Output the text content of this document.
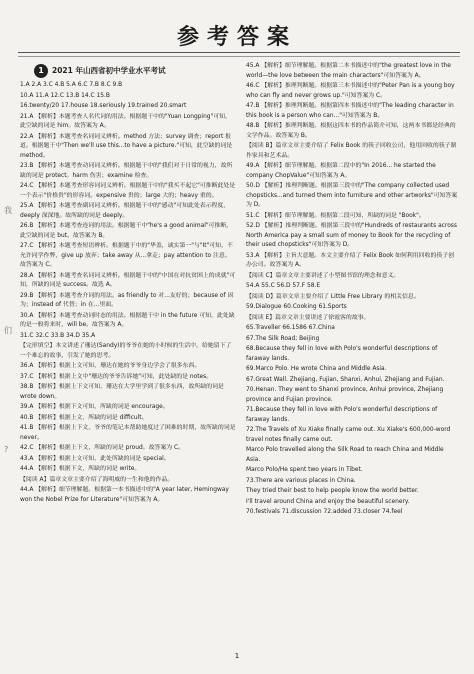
参考答案
我
们
?
1	2021 年山西省初中学业水平考试

1.A 2.A 3.C 4.B 5.A 6.C 7.B 8.C 9.B

10.A 11.A 12.C 13.B 14.C 15.B

16.twenty/20 17.house 18.seriously 19.trained 20.smart

21.A 【解析】本题考查人名代词的用法。根据题干中的"Yuan Longping"可知，此空缺的词是 him。故答案为 A。

22.A 【解析】本题考查名词词义辨析。method 方法；survey 调查；report 报道。根据题干中"Then we'll use this...to have a picture."可知，此空缺的词是 method。

23.B 【解析】本题考查动词词义辨析。根据题干中的"我们对于日常的视力，故所缺的词是 protect。harm 伤害；examine 检查。

24.C 【解析】本题考查形容词词义辨析。根据题干中的"我买不起它"可推断此处是一个表示"价格贵"的形容词。expensive 贵的；large 大的；heavy 重的。

25.A 【解析】本题考查副词词义辨析。根据题干中的"感动"可知此处表示程度，deeply 深深地。故所缺的词是 deeply。

26.B 【解析】本题考查连词的用法。根据题干中"he's a good animal"可推断，此空缺的词是 but。故答案为 B。

27.C 【解析】本题考查短语辨析。根据题干中的"华盖，诚实第一"与"It"可知，不允许同学作弊，give up 放弃；take away 从...拿走；pay attention to 注意。故答案为 C。

28.A 【解析】本题考查名词词义辨析。根据题干中的"中国在对抗贫困上的成就"可知，所缺的词是 success。故选 A。

29.B 【解析】本题考查介词的用法。as friendly to 对...友好的；because of 因为；instead of 代替；in 在...里面。

30.A 【解析】本题考查动词时态的用法。根据题干中 in the future 可知，此处缺的是一般将来时，will be。故答案为 A。

31.C 32.C 33.B 34.D 35.A

【完形填空】本文讲述了珊达(Sandy)的爷爷在她的小时候的生活中，给她留下了一个难忘的故事，引发了她的思考。

36.A 【解析】根据上文可知，珊达在她的爷爷身边学会了很多东西。

37.C 【解析】根据上文中"珊达的爷爷告诉她"可知，此处缺的是 notes。

38.B 【解析】根据上下文可知，珊达在大学里学到了很多东西，故所缺的词是 wrote down。

39.A 【解析】根据下文可知，所缺的词是 encourage。

40.B 【解析】根据上文，所缺的词是 difficult。

41.B 【解析】根据上下文，爷爷的笔记本帮助她度过了困难的时期，故所缺的词是 never。

42.C 【解析】根据上下文，所缺的词是 proud。故答案为 C。

43.A 【解析】根据上文可知，此处所缺的词是 special。

44.A 【解析】根据下文，所缺的词是 write。

【阅读 A】篇章文章主要介绍了海明威的一生和他的作品。

44.A 【解析】细节理解题。根据第一本书描述中的"A year later, Hemingway won the Nobel Prize for Literature"可知答案为 A。

45.A 【解析】细节理解题。根据第二本书描述中的"the greatest love in the world—the love between the main characters"可知答案为 A。

46.C 【解析】推理判断题。根据第三本书描述中的"Peter Pan is a young boy who can fly and never grows up."可知答案为 C。

47.B 【解析】推理判断题。根据第四本书描述中的"The leading character in this book is a person who can..."可知答案为 B。

48.B 【解析】推理判断题。根据这四本书的作品简介可知，这两本书都是经典的文学作品。故答案为 B。

【阅读 B】篇章文章主要介绍了 Felix Book 的筷子回收公司，他用回收的筷子制作家具和艺术品。

49.A 【解析】细节理解题。根据第二段中的"In 2016... he started the company ChopValue"可知答案为 A。

50.D 【解析】推理判断题。根据第三段中的"The company collected used chopsticks...and turned them into furniture and other artworks"可知答案为 D。

51.C 【解析】细节理解题。根据第二段可知，所缺的词是 "Book"。

52.D 【解析】推理判断题。根据第三段中的"Hundreds of restaurants across North America pay a small sum of money to Book for the recycling of their used chopsticks"可知答案为 D。

53.A 【解析】主旨大意题。本文主要介绍了 Felix Book 如何利用回收的筷子创办公司。故答案为 A。

【阅读 C】篇章文章主要讲述了小型图书馆的理念和意义。

54.A 55.C 56.D 57.F 58.E

【阅读 D】篇章文章主要介绍了 Little Free Library 的相关信息。

59.Dialogue 60.Cooking 61.Sports

【阅读 E】篇章文章主要讲述了徐霞客的故事。

65.Traveller 66.1586 67.China

67.The Silk Road; Beijing

68.Because they fell in love with Polo's wonderful descriptions of faraway lands.

69.Marco Polo. He wrote China and Middle Asia.

67.Great Wall. Zhejiang, Fujian, Shanxi, Anhui, Zhejiang and Fujian.

70.Henan. They went to Shanxi province, Anhui province, Zhejiang province and Fujian province.

71.Because they fell in love with Polo's wonderful descriptions of faraway lands.

72.The Travels of Xu Xiake finally came out. Xu Xiake's 600,000-word travel notes finally came out.

Marco Polo travelled along the Silk Road to reach China and Middle Asia.

Marco Polo/He spent two years in Tibet.

73.There are various places in China.

They tried their best to help people know the world better.

I'll travel around China and enjoy the beautiful scenery.

70.festivals 71.discussion 72.added 73.closer 74.feel

1
